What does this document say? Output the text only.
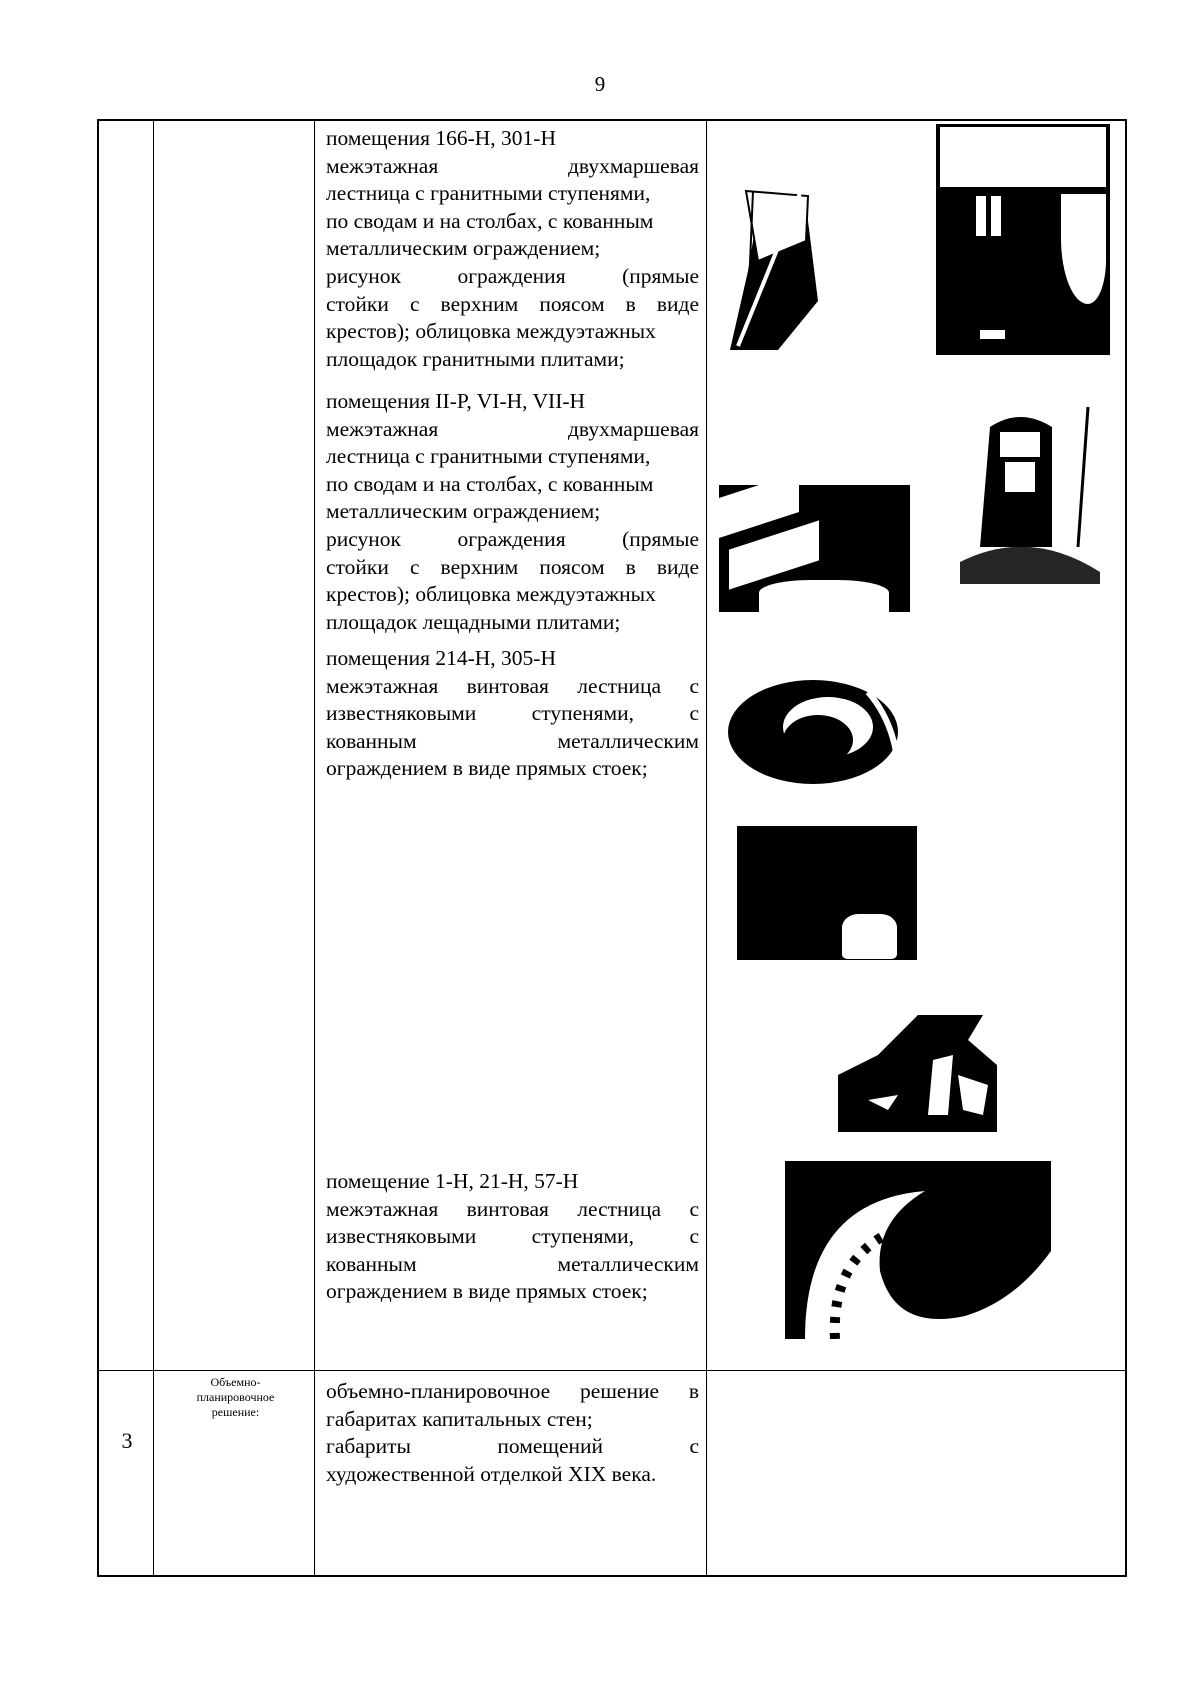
9

помещения 166-Н, 301-Н

межэтажная двухмаршевая

лестница с гранитными ступенями,

по сводам и на столбах, с кованным

металлическим ограждением;

рисунок ограждения (прямые

стойки с верхним поясом в виде

крестов); облицовка междуэтажных

площадок гранитными плитами;

помещения II-P, VI-H, VII-H

межэтажная двухмаршевая

лестница с гранитными ступенями,

по сводам и на столбах, с кованным

металлическим ограждением;

рисунок ограждения (прямые

стойки с верхним поясом в виде

крестов); облицовка междуэтажных

площадок лещадными плитами;

помещения 214-Н, 305-Н

межэтажная винтовая лестница с

известняковыми ступенями, с

кованным металлическим

ограждением в виде прямых стоек;

помещение 1-Н, 21-Н, 57-Н

межэтажная винтовая лестница с

известняковыми ступенями, с

кованным металлическим

ограждением в виде прямых стоек;

3
Объемно-
планировочное
решение:

объемно-планировочное решение в

габаритах капитальных стен;

габариты помещений с

художественной отделкой XIX века.
